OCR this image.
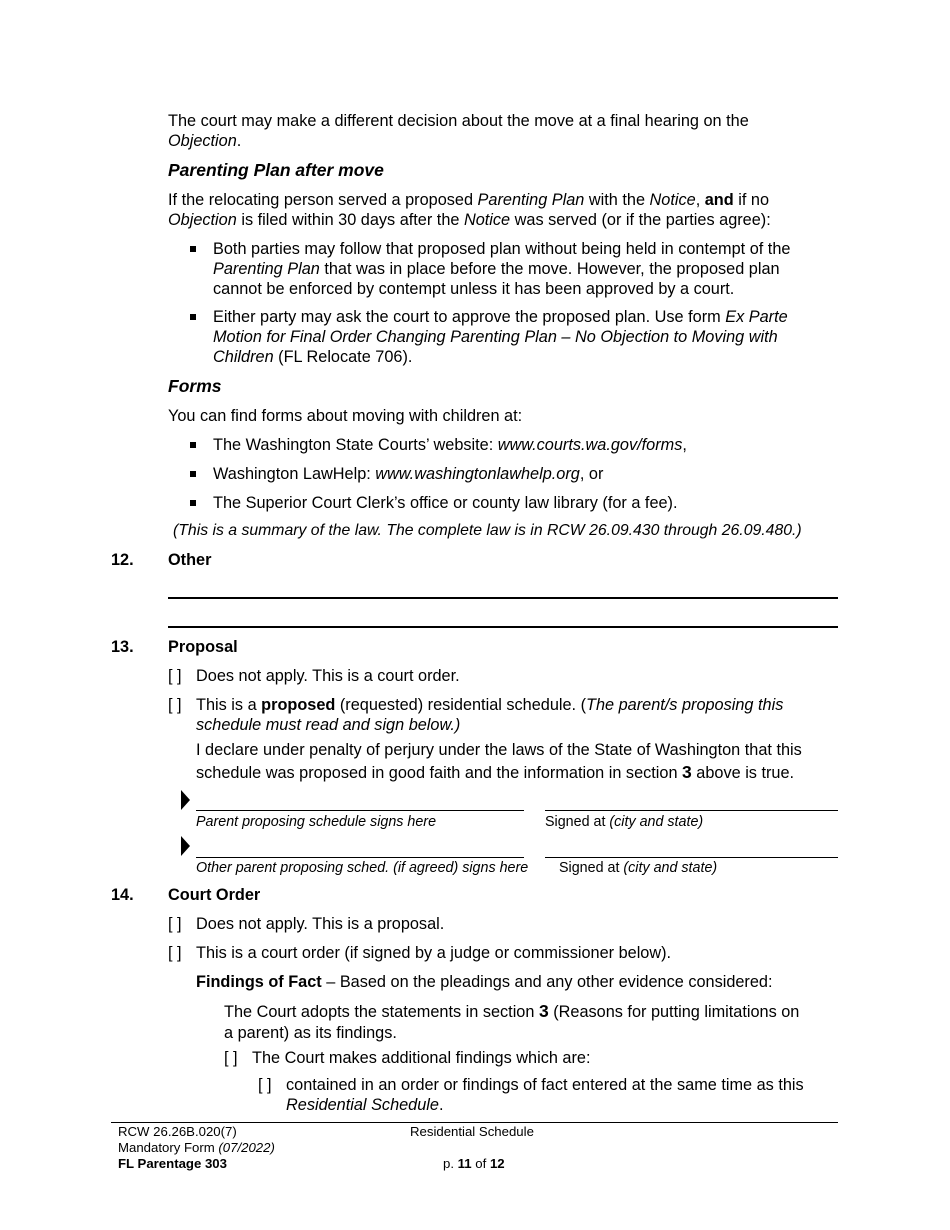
The court may make a different decision about the move at a final hearing on the
Objection.
Parenting Plan after move
If the relocating person served a proposed Parenting Plan with the Notice, and if no
Objection is filed within 30 days after the Notice was served (or if the parties agree):
Both parties may follow that proposed plan without being held in contempt of the
Parenting Plan that was in place before the move. However, the proposed plan
cannot be enforced by contempt unless it has been approved by a court.
Either party may ask the court to approve the proposed plan. Use form Ex Parte
Motion for Final Order Changing Parenting Plan – No Objection to Moving with
Children (FL Relocate 706).
Forms
You can find forms about moving with children at:
The Washington State Courts’ website: www.courts.wa.gov/forms,
Washington LawHelp: www.washingtonlawhelp.org, or
The Superior Court Clerk’s office or county law library (for a fee).
(This is a summary of the law. The complete law is in RCW 26.09.430 through 26.09.480.)
12. Other
13. Proposal
[ ] Does not apply. This is a court order.
[ ] This is a proposed (requested) residential schedule. (The parent/s proposing this
schedule must read and sign below.)
I declare under penalty of perjury under the laws of the State of Washington that this
schedule was proposed in good faith and the information in section 3 above is true.
Parent proposing schedule signs here	Signed at (city and state)
Other parent proposing sched. (if agreed) signs here Signed at (city and state)
14. Court Order
[ ] Does not apply. This is a proposal.
[ ] This is a court order (if signed by a judge or commissioner below).
Findings of Fact – Based on the pleadings and any other evidence considered:
The Court adopts the statements in section 3 (Reasons for putting limitations on
a parent) as its findings.
[ ] The Court makes additional findings which are:
[ ] contained in an order or findings of fact entered at the same time as this
Residential Schedule.
RCW 26.26B.020(7)
Mandatory Form (07/2022)
FL Parentage 303
Residential Schedule
p. 11 of 12
